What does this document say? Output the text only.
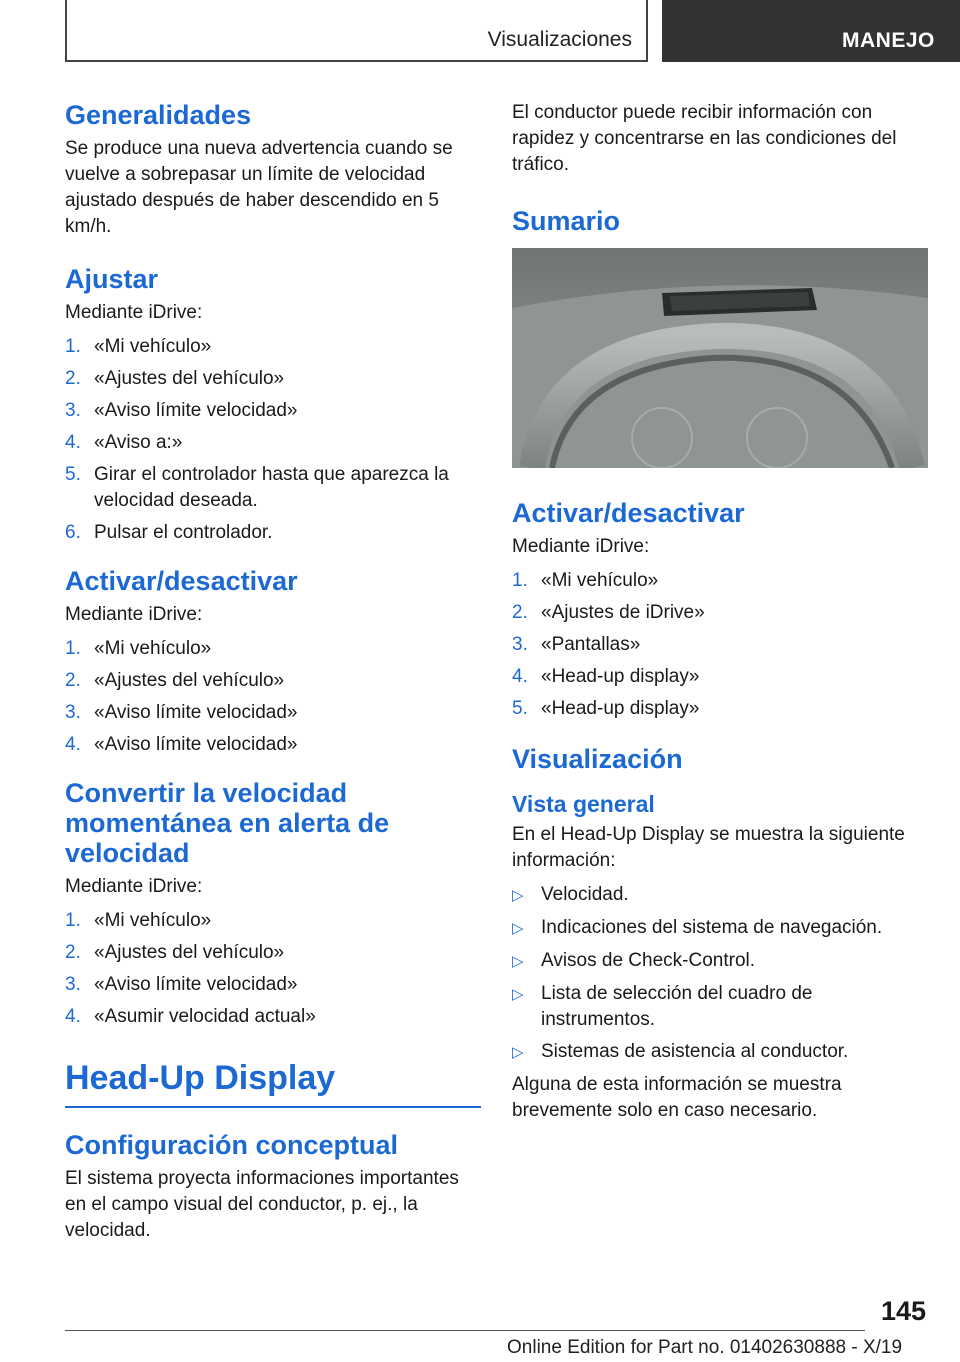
Visualizaciones	MANEJO
Generalidades

Se produce una nueva advertencia cuando se vuelve a sobrepasar un límite de velocidad ajustado después de haber descendido en 5 km/h.

Ajustar

Mediante iDrive:

1. «Mi vehículo»
2. «Ajustes del vehículo»
3. «Aviso límite velocidad»
4. «Aviso a:»
5. Girar el controlador hasta que aparezca la velocidad deseada.
6. Pulsar el controlador.
Activar/desactivar

Mediante iDrive:

1. «Mi vehículo»
2. «Ajustes del vehículo»
3. «Aviso límite velocidad»
4. «Aviso límite velocidad»
Convertir la velocidad momentánea en alerta de velocidad

Mediante iDrive:

1. «Mi vehículo»
2. «Ajustes del vehículo»
3. «Aviso límite velocidad»
4. «Asumir velocidad actual»
Head-Up Display
Configuración conceptual

El sistema proyecta informaciones importantes en el campo visual del conductor, p. ej., la velocidad.

El conductor puede recibir información con rapidez y concentrarse en las condiciones del tráfico.

Sumario
Activar/desactivar

Mediante iDrive:

1. «Mi vehículo»
2. «Ajustes de iDrive»
3. «Pantallas»
4. «Head-up display»
5. «Head-up display»
Visualización
Vista general

En el Head-Up Display se muestra la siguiente información:

▷ Velocidad.
▷ Indicaciones del sistema de navegación.
▷ Avisos de Check-Control.
▷ Lista de selección del cuadro de instrumentos.
▷ Sistemas de asistencia al conductor.

Alguna de esta información se muestra brevemente solo en caso necesario.

145
Online Edition for Part no. 01402630888 - X/19
